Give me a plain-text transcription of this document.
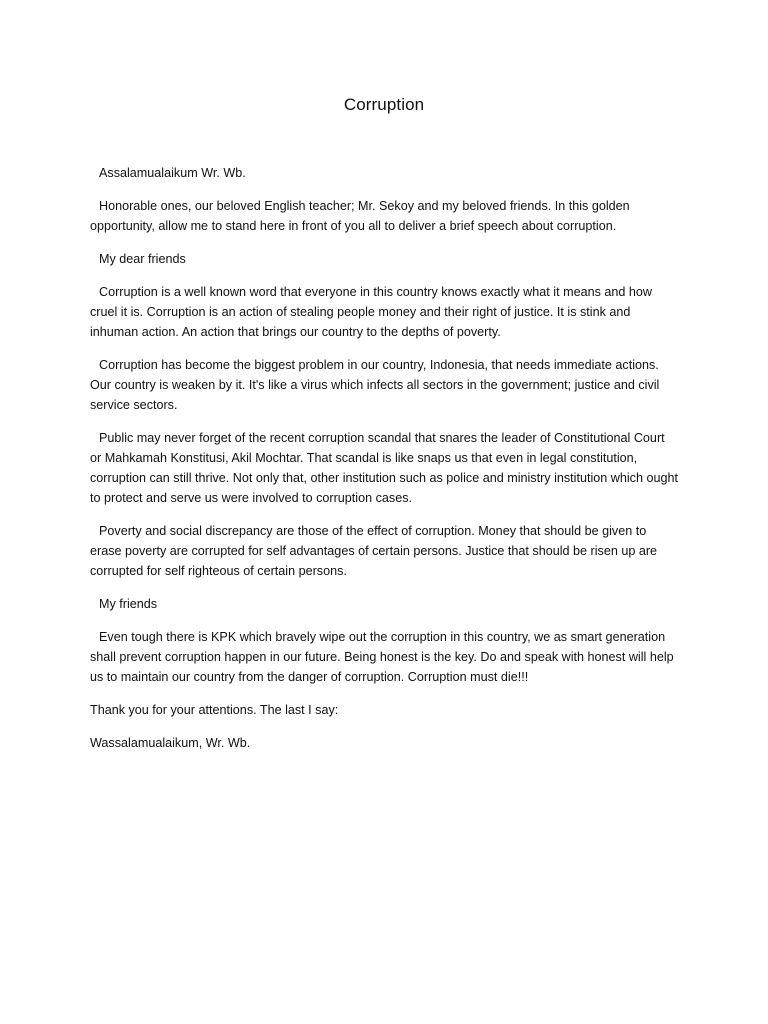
Corruption

Assalamualaikum Wr. Wb.

Honorable ones, our beloved English teacher; Mr. Sekoy and my beloved friends. In this golden opportunity, allow me to stand here in front of you all to deliver a brief speech about corruption.

My dear friends

Corruption is a well known word that everyone in this country knows exactly what it means and how cruel it is. Corruption is an action of stealing people money and their right of justice. It is stink and inhuman action. An action that brings our country to the depths of poverty.

Corruption has become the biggest problem in our country, Indonesia, that needs immediate actions. Our country is weaken by it. It's like a virus which infects all sectors in the government; justice and civil service sectors.

Public may never forget of the recent corruption scandal that snares the leader of Constitutional Court or Mahkamah Konstitusi, Akil Mochtar. That scandal is like snaps us that even in legal constitution, corruption can still thrive. Not only that, other institution such as police and ministry institution which ought to protect and serve us were involved to corruption cases.

Poverty and social discrepancy are those of the effect of corruption. Money that should be given to erase poverty are corrupted for self advantages of certain persons. Justice that should be risen up are corrupted for self righteous of certain persons.

My friends

Even tough there is KPK which bravely wipe out the corruption in this country, we as smart generation shall prevent corruption happen in our future. Being honest is the key. Do and speak with honest will help us to maintain our country from the danger of corruption. Corruption must die!!!

Thank you for your attentions. The last I say:

Wassalamualaikum, Wr. Wb.
